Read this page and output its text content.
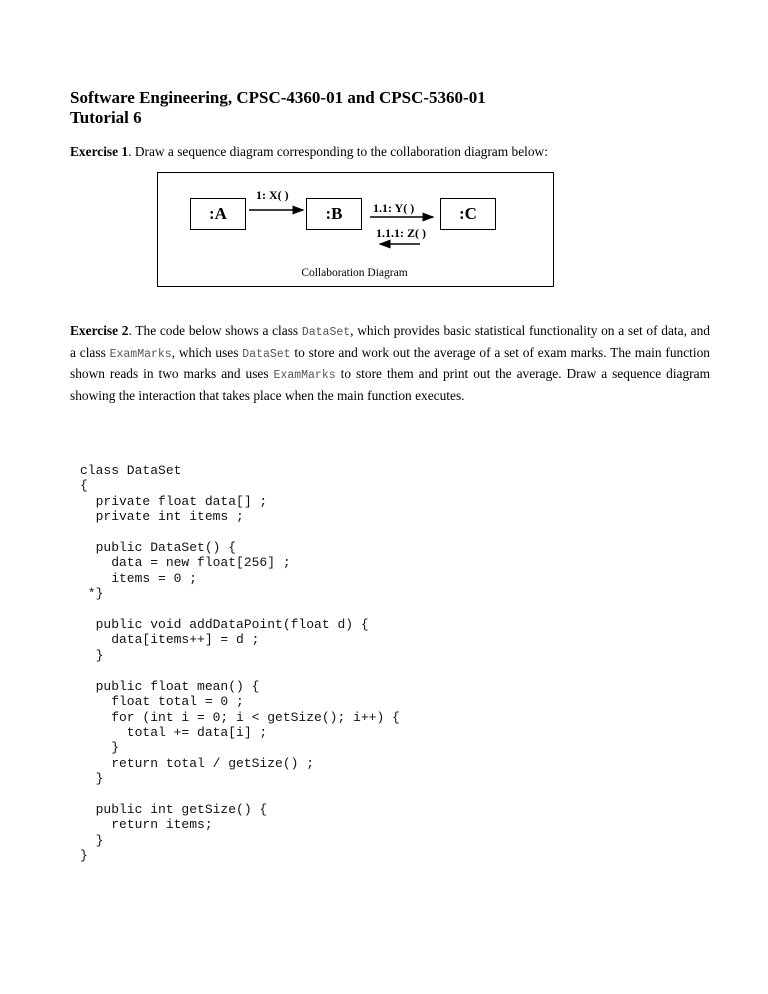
Software Engineering, CPSC-4360-01 and CPSC-5360-01
Tutorial 6
Exercise 1. Draw a sequence diagram corresponding to the collaboration diagram below:
:A	:B	:C
1: X( )
1.1: Y( )
1.1.1: Z( )
Collaboration Diagram
Exercise 2. The code below shows a class DataSet, which provides basic statistical functionality on a set of data, and a class ExamMarks, which uses DataSet to store and work out the average of a set of exam marks. The main function shown reads in two marks and uses ExamMarks to store them and print out the average. Draw a sequence diagram showing the interaction that takes place when the main function executes.
class DataSet
{
private float data[] ;
private int items ;

public DataSet() {
data = new float[256] ;
items = 0 ;
*}

public void addDataPoint(float d) {
data[items++] = d ;
}

public float mean() {
float total = 0 ;
for (int i = 0; i < getSize(); i++) {
total += data[i] ;
}
return total / getSize() ;
}

public int getSize() {
return items;
}
}
